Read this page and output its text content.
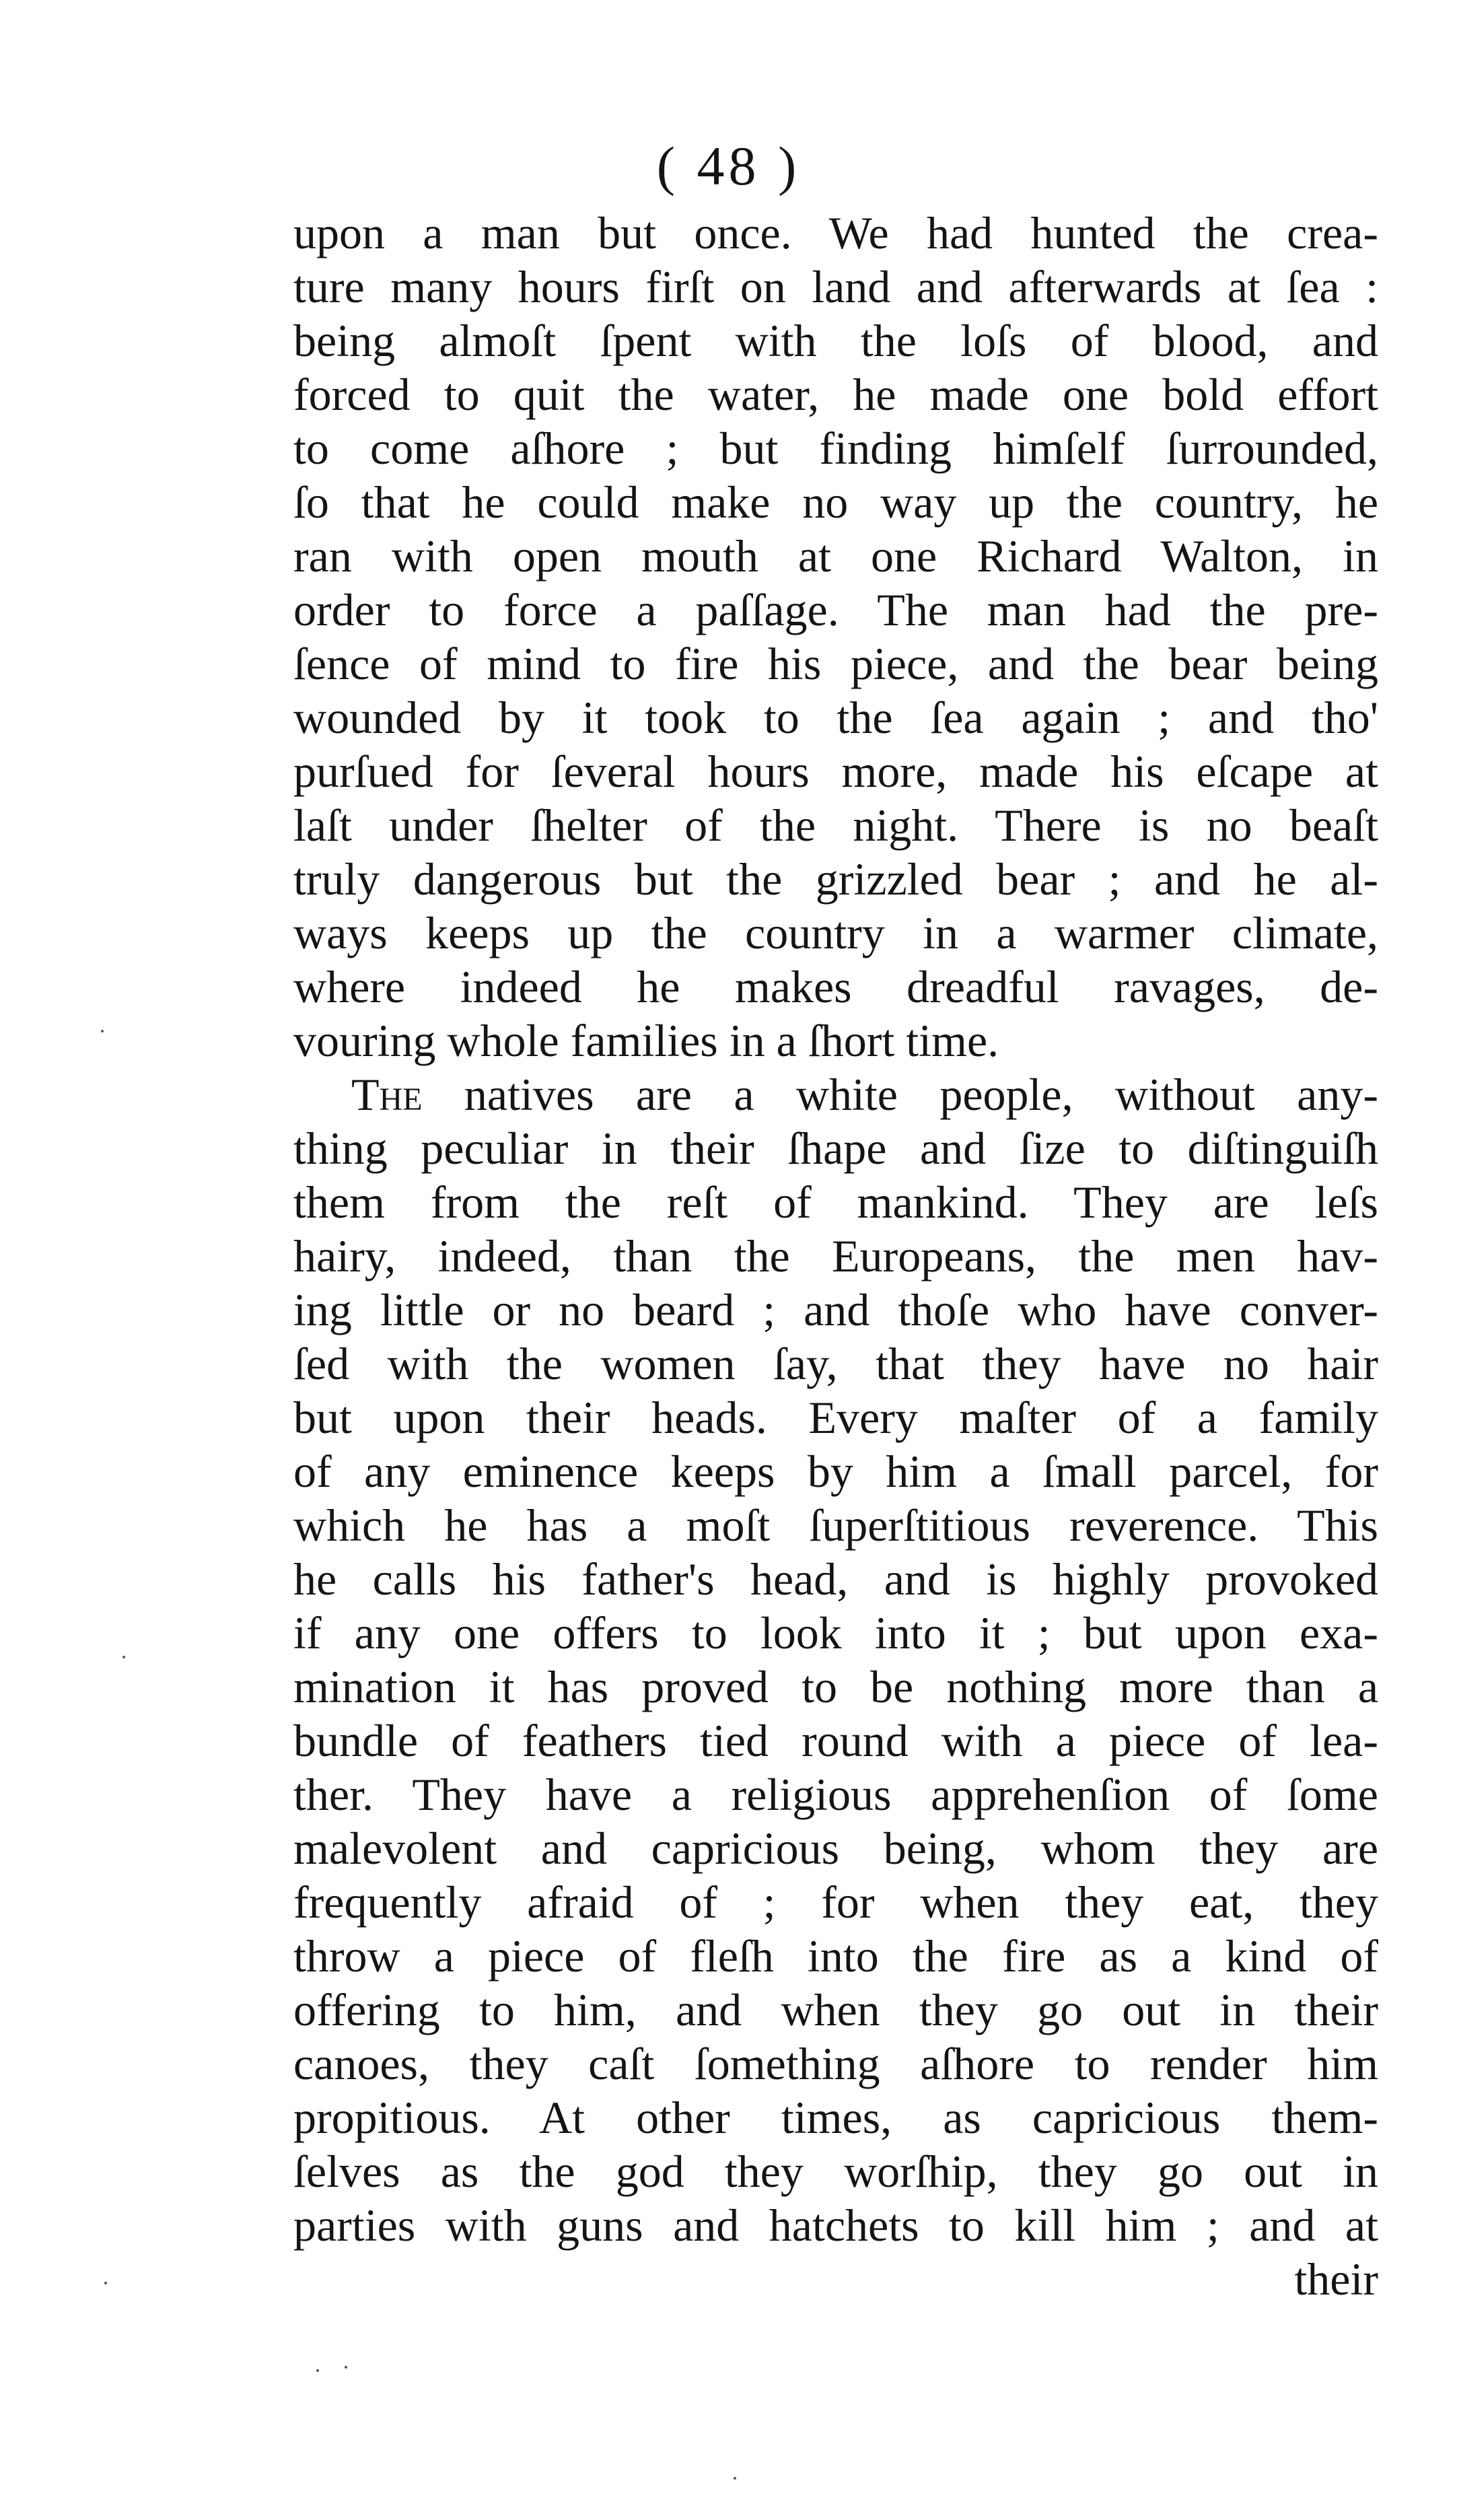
( 48 )
upon a man but once. We had hunted the crea-
ture many hours firſt on land and afterwards at ſea :
being almoſt ſpent with the loſs of blood, and
forced to quit the water, he made one bold effort
to come aſhore ; but finding himſelf ſurrounded,
ſo that he could make no way up the country, he
ran with open mouth at one Richard Walton, in
order to force a paſſage. The man had the pre-
ſence of mind to fire his piece, and the bear being
wounded by it took to the ſea again ; and tho'
purſued for ſeveral hours more, made his eſcape at
laſt under ſhelter of the night. There is no beaſt
truly dangerous but the grizzled bear ; and he al-
ways keeps up the country in a warmer climate,
where indeed he makes dreadful ravages, de-
vouring whole families in a ſhort time.
The natives are a white people, without any-
thing peculiar in their ſhape and ſize to diſtinguiſh
them from the reſt of mankind. They are leſs
hairy, indeed, than the Europeans, the men hav-
ing little or no beard ; and thoſe who have conver-
ſed with the women ſay, that they have no hair
but upon their heads. Every maſter of a family
of any eminence keeps by him a ſmall parcel, for
which he has a moſt ſuperſtitious reverence. This
he calls his father's head, and is highly provoked
if any one offers to look into it ; but upon exa-
mination it has proved to be nothing more than a
bundle of feathers tied round with a piece of lea-
ther. They have a religious apprehenſion of ſome
malevolent and capricious being, whom they are
frequently afraid of ; for when they eat, they
throw a piece of fleſh into the fire as a kind of
offering to him, and when they go out in their
canoes, they caſt ſomething aſhore to render him
propitious. At other times, as capricious them-
ſelves as the god they worſhip, they go out in
parties with guns and hatchets to kill him ; and at
their
